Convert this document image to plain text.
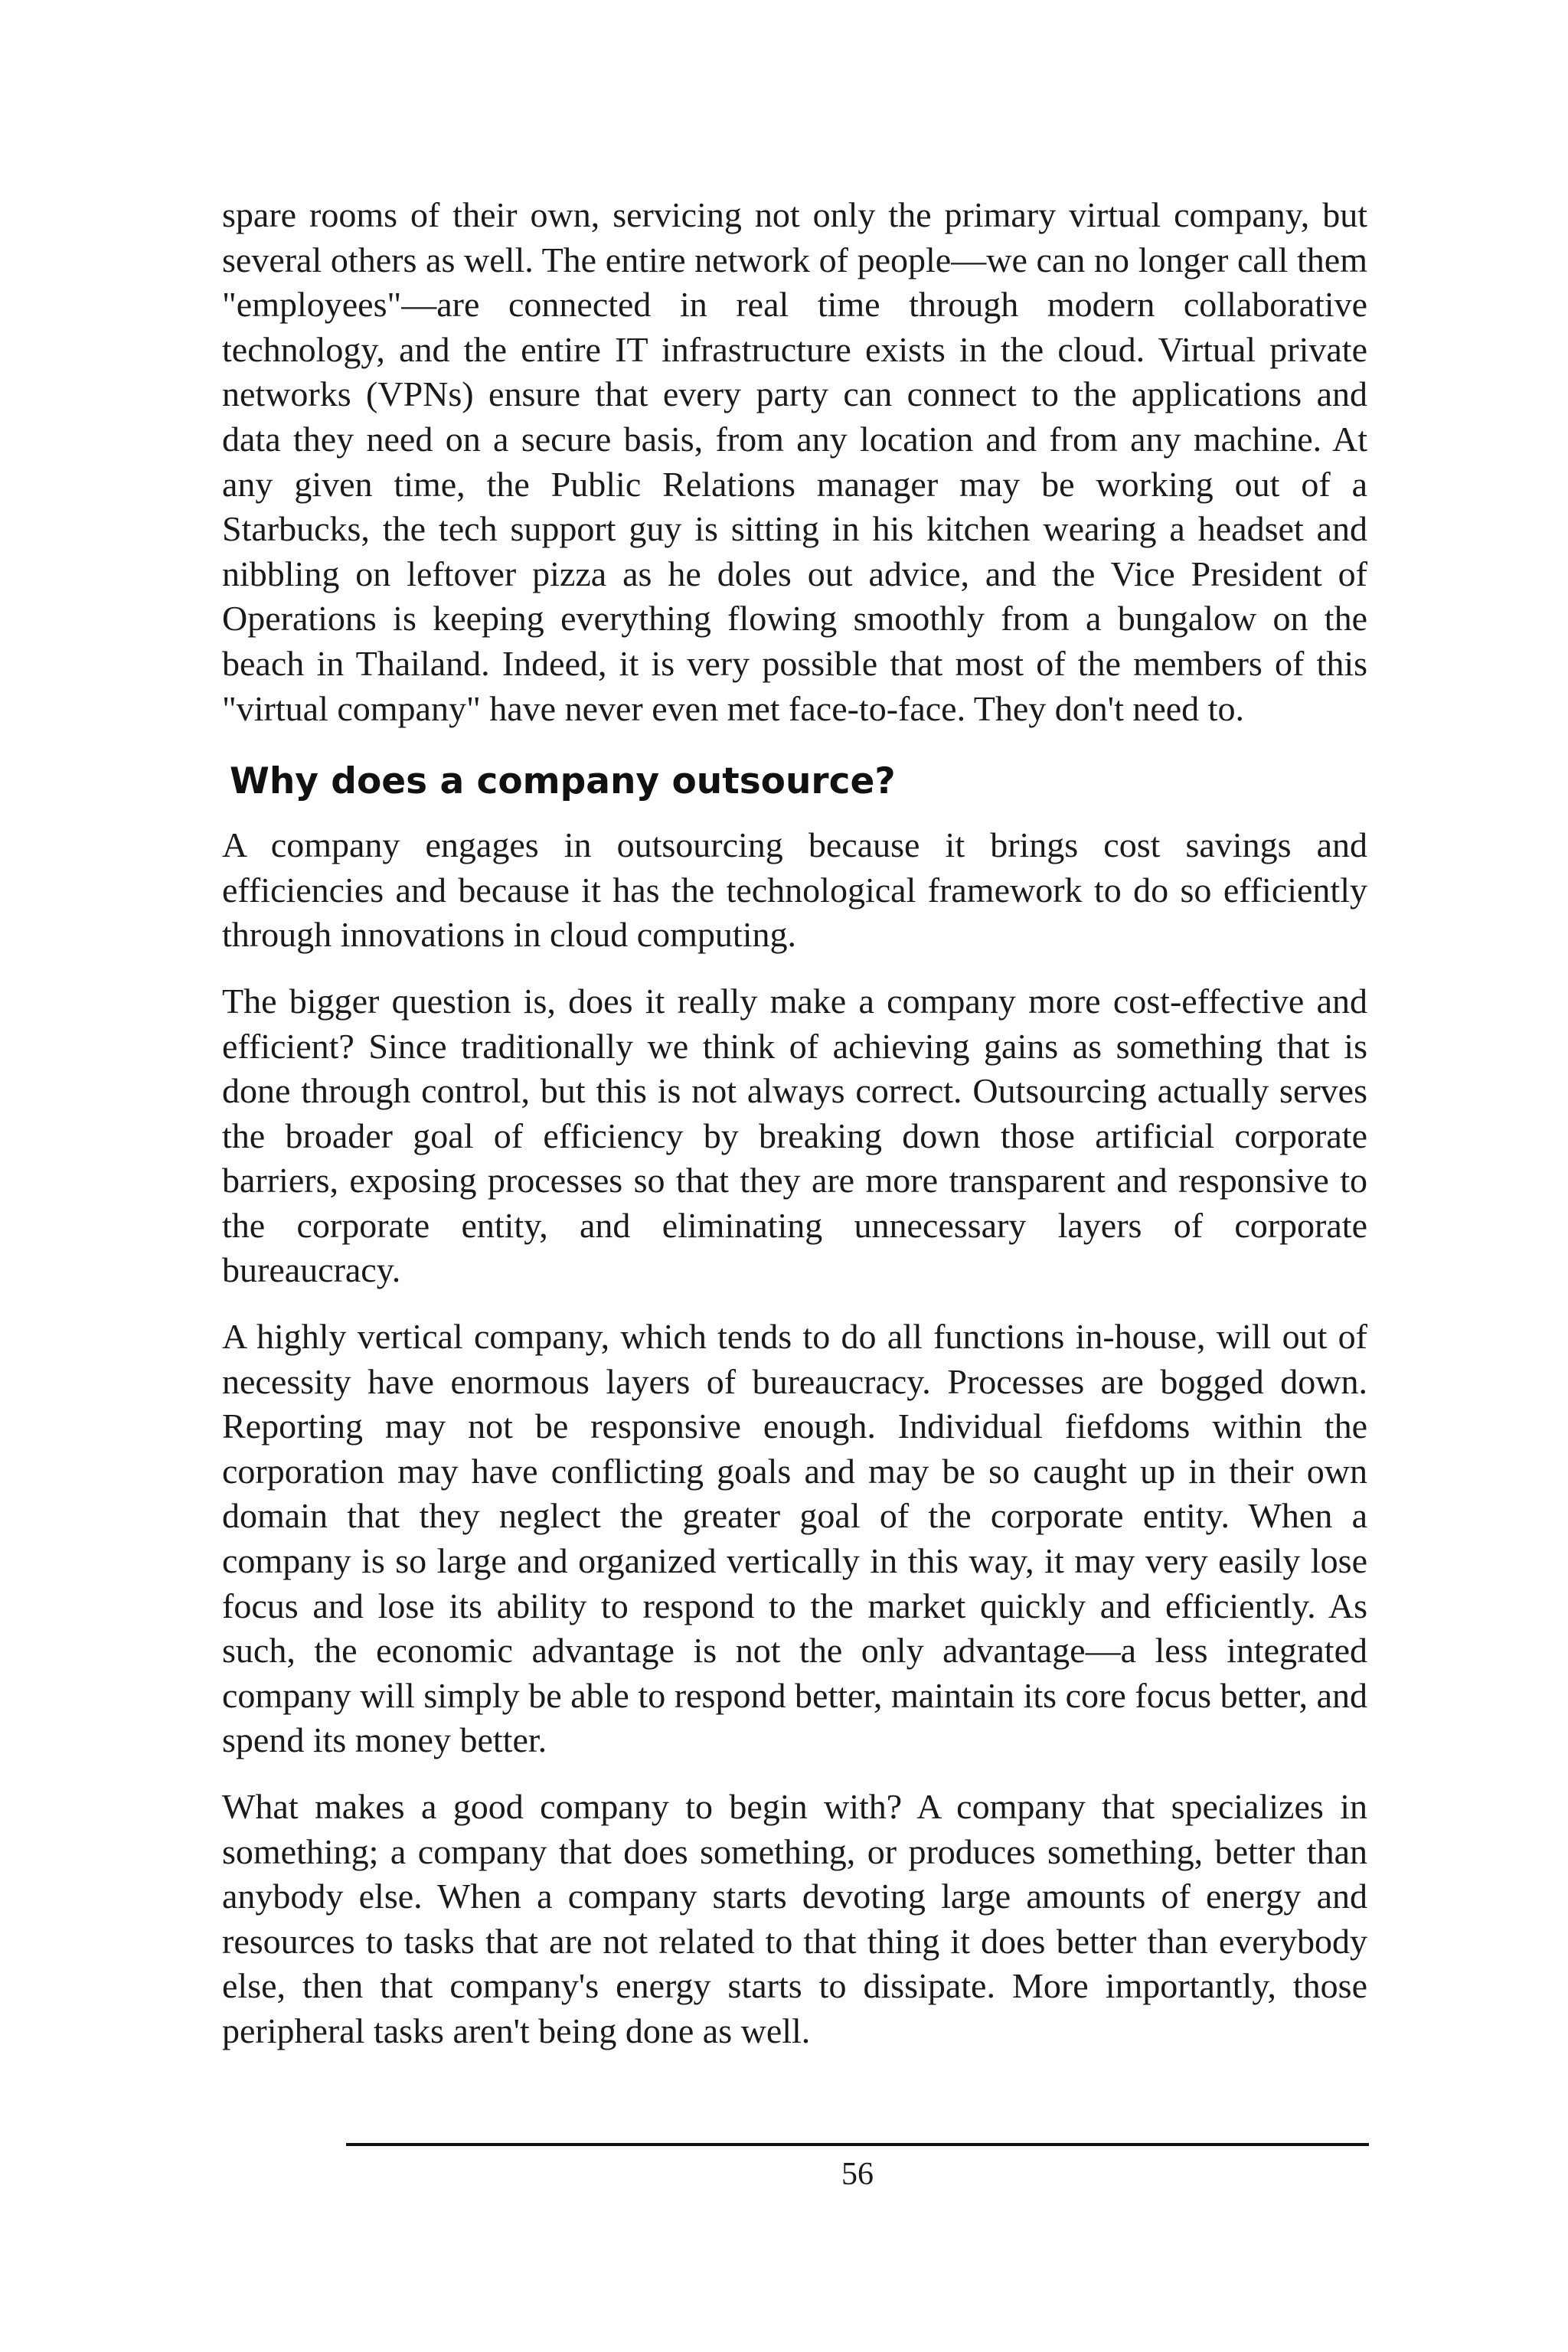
spare rooms of their own, servicing not only the primary virtual company, but several others as well. The entire network of people—we can no longer call them "employees"—are connected in real time through modern collaborative technology, and the entire IT infrastructure exists in the cloud. Virtual private networks (VPNs) ensure that every party can connect to the applications and data they need on a secure basis, from any location and from any machine. At any given time, the Public Relations manager may be working out of a Starbucks, the tech support guy is sitting in his kitchen wearing a headset and nibbling on leftover pizza as he doles out advice, and the Vice President of Operations is keeping everything flowing smoothly from a bungalow on the beach in Thailand. Indeed, it is very possible that most of the members of this "virtual company" have never even met face-to-face. They don't need to.

Why does a company outsource?

A company engages in outsourcing because it brings cost savings and efficiencies and because it has the technological framework to do so efficiently through innovations in cloud computing.

The bigger question is, does it really make a company more cost-effective and efficient? Since traditionally we think of achieving gains as something that is done through control, but this is not always correct. Outsourcing actually serves the broader goal of efficiency by breaking down those artificial corporate barriers, exposing processes so that they are more transparent and responsive to the corporate entity, and eliminating unnecessary layers of corporate bureaucracy.

A highly vertical company, which tends to do all functions in-house, will out of necessity have enormous layers of bureaucracy. Processes are bogged down. Reporting may not be responsive enough. Individual fiefdoms within the corporation may have conflicting goals and may be so caught up in their own domain that they neglect the greater goal of the corporate entity. When a company is so large and organized vertically in this way, it may very easily lose focus and lose its ability to respond to the market quickly and efficiently. As such, the economic advantage is not the only advantage—a less integrated company will simply be able to respond better, maintain its core focus better, and spend its money better.

What makes a good company to begin with? A company that specializes in something; a company that does something, or produces something, better than anybody else. When a company starts devoting large amounts of energy and resources to tasks that are not related to that thing it does better than everybody else, then that company's energy starts to dissipate. More importantly, those peripheral tasks aren't being done as well.

56
